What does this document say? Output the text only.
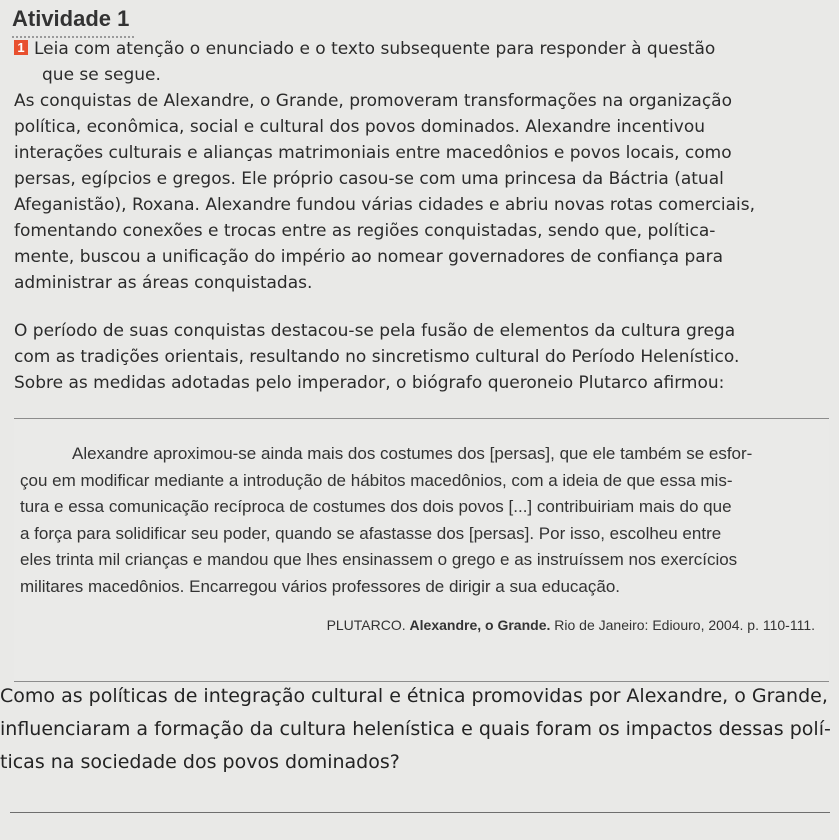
Atividade 1
1 Leia com atenção o enunciado e o texto subsequente para responder à questão
que se segue.
As conquistas de Alexandre, o Grande, promoveram transformações na organização
política, econômica, social e cultural dos povos dominados. Alexandre incentivou
interações culturais e alianças matrimoniais entre macedônios e povos locais, como
persas, egípcios e gregos. Ele próprio casou-se com uma princesa da Báctria (atual
Afeganistão), Roxana. Alexandre fundou várias cidades e abriu novas rotas comerciais,
fomentando conexões e trocas entre as regiões conquistadas, sendo que, política-
mente, buscou a unificação do império ao nomear governadores de confiança para
administrar as áreas conquistadas.
O período de suas conquistas destacou-se pela fusão de elementos da cultura grega
com as tradições orientais, resultando no sincretismo cultural do Período Helenístico.
Sobre as medidas adotadas pelo imperador, o biógrafo queroneio Plutarco afirmou:
Alexandre aproximou-se ainda mais dos costumes dos [persas], que ele também se esfor-
çou em modificar mediante a introdução de hábitos macedônios, com a ideia de que essa mis-
tura e essa comunicação recíproca de costumes dos dois povos [...] contribuiriam mais do que
a força para solidificar seu poder, quando se afastasse dos [persas]. Por isso, escolheu entre
eles trinta mil crianças e mandou que lhes ensinassem o grego e as instruíssem nos exercícios
militares macedônios. Encarregou vários professores de dirigir a sua educação.
PLUTARCO. Alexandre, o Grande. Rio de Janeiro: Ediouro, 2004. p. 110-111.
Como as políticas de integração cultural e étnica promovidas por Alexandre, o Grande,
influenciaram a formação da cultura helenística e quais foram os impactos dessas polí-
ticas na sociedade dos povos dominados?
